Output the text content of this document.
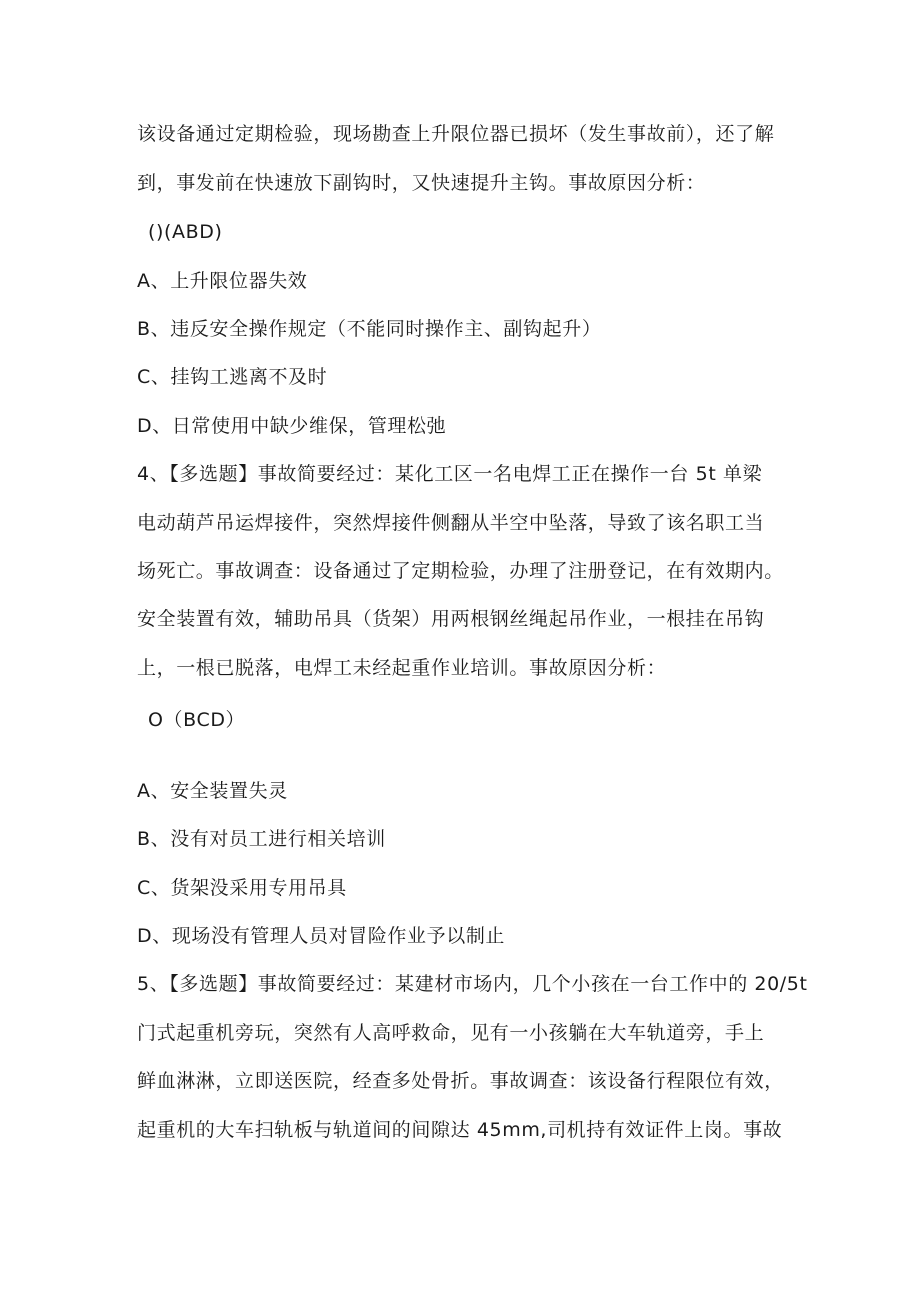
该设备通过定期检验，现场勘查上升限位器已损坏（发生事故前），还了解
到，事发前在快速放下副钩时，又快速提升主钩。事故原因分析：
()(ABD)
A、上升限位器失效
B、违反安全操作规定（不能同时操作主、副钩起升）
C、挂钩工逃离不及时
D、日常使用中缺少维保，管理松弛
4、【多选题】事故简要经过：某化工区一名电焊工正在操作一台 5t 单梁
电动葫芦吊运焊接件，突然焊接件侧翻从半空中坠落，导致了该名职工当
场死亡。事故调查：设备通过了定期检验，办理了注册登记，在有效期内。
安全装置有效，辅助吊具（货架）用两根钢丝绳起吊作业，一根挂在吊钩
上，一根已脱落，电焊工未经起重作业培训。事故原因分析：
O（BCD）
A、安全装置失灵
B、没有对员工进行相关培训
C、货架没采用专用吊具
D、现场没有管理人员对冒险作业予以制止
5、【多选题】事故简要经过：某建材市场内，几个小孩在一台工作中的 20/5t
门式起重机旁玩，突然有人高呼救命，见有一小孩躺在大车轨道旁，手上
鲜血淋淋，立即送医院，经查多处骨折。事故调查：该设备行程限位有效，
起重机的大车扫轨板与轨道间的间隙达 45mm,司机持有效证件上岗。事故
